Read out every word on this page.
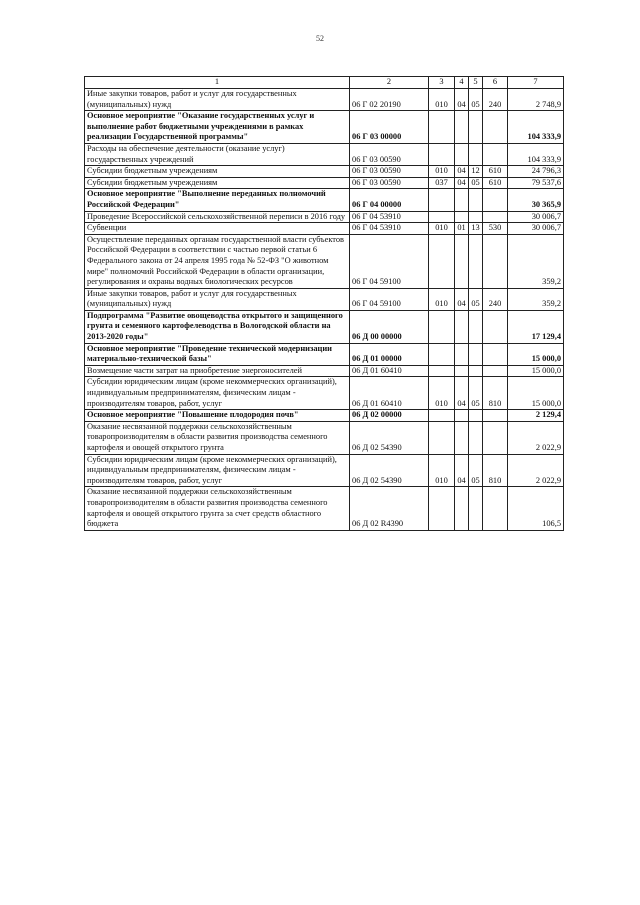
52
1	2	3	4	5	6	7
Иные закупки товаров, работ и услуг для государственных (муниципальных) нужд	06 Г 02 20190	010	04	05	240	2 748,9
Основное мероприятие "Оказание государственных услуг и выполнение работ бюджетными учреждениями в рамках реализации Государственной программы"	06 Г 03 00000					104 333,9
Расходы на обеспечение деятельности (оказание услуг) государственных учреждений	06 Г 03 00590					104 333,9
Субсидии бюджетным учреждениям	06 Г 03 00590	010	04	12	610	24 796,3
Субсидии бюджетным учреждениям	06 Г 03 00590	037	04	05	610	79 537,6
Основное мероприятие "Выполнение переданных полномочий Российской Федерации"	06 Г 04 00000					30 365,9
Проведение Всероссийской сельскохозяйственной переписи в 2016 году	06 Г 04 53910					30 006,7
Субвенции	06 Г 04 53910	010	01	13	530	30 006,7
Осуществление переданных органам государственной власти субъектов Российской Федерации в соответствии с частью первой статьи 6 Федерального закона от 24 апреля 1995 года № 52-ФЗ "О животном мире" полномочий Российской Федерации в области организации, регулирования и охраны водных биологических ресурсов	06 Г 04 59100					359,2
Иные закупки товаров, работ и услуг для государственных (муниципальных) нужд	06 Г 04 59100	010	04	05	240	359,2
Подпрограмма "Развитие овощеводства открытого и защищенного грунта и семенного картофелеводства в Вологодской области на 2013-2020 годы"	06 Д 00 00000					17 129,4
Основное мероприятие "Проведение технической модернизации материально-технической базы"	06 Д 01 00000					15 000,0
Возмещение части затрат на приобретение энергоносителей	06 Д 01 60410					15 000,0
Субсидии юридическим лицам (кроме некоммерческих организаций), индивидуальным предпринимателям, физическим лицам - производителям товаров, работ, услуг	06 Д 01 60410	010	04	05	810	15 000,0
Основное мероприятие "Повышение плодородия почв"	06 Д 02 00000					2 129,4
Оказание несвязанной поддержки сельскохозяйственным товаропроизводителям в области развития производства семенного картофеля и овощей открытого грунта	06 Д 02 54390					2 022,9
Субсидии юридическим лицам (кроме некоммерческих организаций), индивидуальным предпринимателям, физическим лицам - производителям товаров, работ, услуг	06 Д 02 54390	010	04	05	810	2 022,9
Оказание несвязанной поддержки сельскохозяйственным товаропроизводителям в области развития производства семенного картофеля и овощей открытого грунта за счет средств областного бюджета	06 Д 02 R4390					106,5
